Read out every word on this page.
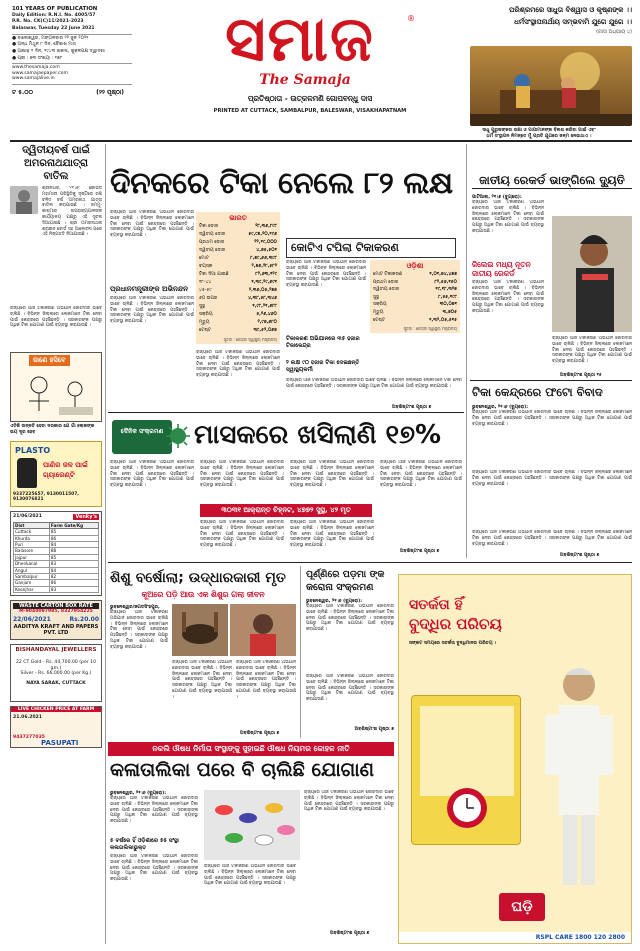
101 YEARS OF PUBLICATION
Daily Edition: R.N.I. No. 4005/57
P.R. No. CK(C)11/2021-2023
Balaswar, Tuesday 22 June 2021
● ବାଲେଶ୍ୱର, ମଙ୍ଗଳବାର ୨୨ ଜୁନ ୨୦୨୧
● ଅନ୍ଧ ମିଥୁନ ୮ ଦିନ, ବୈଶାଖ ମାସ
● ଆଷାଢ଼ ୧ ଦିନ, ୧୯୪୩ ଶକାବ୍ଦ, ଶୁକ୍ଳପକ୍ଷ ଦ୍ୱାଦଶୀ
● ପ୍ରୀ : ୭୩ ସଂଖ୍ୟା : ୧୭୮
www.thesamaja.com
www.samajaepaper.com
www.samajalive.in
ଟ ୫.୦୦	(୨୨ ପୃଷ୍ଠା)
ସମାଜ	®
The Samaja
ପ୍ରତିଷ୍ଠାତା - ଉତ୍କଳମଣି ଗୋପବନ୍ଧୁ ଦାସ
PRINTED AT CUTTACK, SAMBALPUR, BALESWAR, VISAKHAPATNAM
ପରିଶ୍ରମରେ ସାଧୁତା ବିଶ୍ୱାସ ଓ କୃଷ୍ଣଙ୍କ ।।
ଧର୍ମସଂସ୍ଥାପନାର୍ଥାୟ ସମ୍ଭବାମି ଯୁଗେ ଯୁଗେ ।।
(ଗୀତା ଅଧ୍ୟାୟ ୪)
ସାଧୁ ପୁରୁଷଙ୍କର ରକ୍ଷା ଓ ପାପୀମାନଙ୍କ ବିନାଶ କରିବା ପାଇଁ ଏବଂ
ଧର୍ମ ସଂସ୍ଥାପନ ନିମନ୍ତେ ମୁଁ ପ୍ରତି ଯୁଗରେ ଜନ୍ମ ନେଇଥାଏ ।
ଦ୍ୱିତୀୟବର୍ଷ ପାଇଁ ଅମରନାଥଯାତ୍ରା ବାତିଲ
ଶ୍ରୀନଗର, ୨୧।୬: କୋଭିଡ ମହାମାରୀ ପରିସ୍ଥିତିକୁ ଦୃଷ୍ଟିରେ ରଖି ଚଳିତ ବର୍ଷ ଅମରନାଥ ଯାତ୍ରା ବାତିଲ କରାଯାଇଛି । ଜମ୍ମୁ-କାଶ୍ମୀର ଉପରାଜ୍ୟପାଳଙ୍କ କାର୍ଯ୍ୟାଳୟ ପକ୍ଷରୁ ଏହି ସୂଚନା ଦିଆଯାଇଛି । ଶ୍ରୀ ଅମରନାଥଜୀ ଶ୍ରାଇନ ବୋର୍ଡ ସହ ଆଲୋଚନା ପରେ ଏହି ନିଷ୍ପତ୍ତି ନିଆଯାଇଛି ।
ରାଜ୍ୟରେ ଆଜି ଟିକାକରଣ ଅଭିଯାନ ଜୋରଦାର ଭାବେ ଚାଲିଛି । ବିଭିନ୍ନ ଜିଲ୍ଲାରେ ଲୋକମାନେ ଟିକା ନେବା ପାଇଁ କେନ୍ଦ୍ରରେ ପହଞ୍ଚିଛନ୍ତି । ସରକାରଙ୍କ ପକ୍ଷରୁ ଅଧିକ ଟିକା ଯୋଗାଣ ପାଇଁ ବ୍ୟବସ୍ଥା କରାଯାଉଛି ।
ଜାଣେ ହସିବେ
ଏତିକି ଉନ୍ନତି ହେବା ଦରକାର ଯେ ଗାଁ ଲୋକଙ୍କ ଭୟ ଦୂର ହେବ
PLASTO
ପାଣିର ଜଳ ପାଇଁ ଗ୍ୟାରେଣ୍ଟି
9337225657, 9130011507, 9130076821
21/06/2021	Venky's
Dist	Farm Gate/Kg
Cuttack	85
Khurda	86
Puri	84
Balasore	88
Jajpur	85
Dhenkanal	83
Angul	84
Sambalpur	82
Ganjam	86
Keonjhar	83
WASTE CARTON BOX RATE
M-9040097985, 8327954225
22/06/2021	Rs.20.00
AADITYA KRAFT AND PAPERS PVT. LTD
BISHANDAYAL JEWELLERS
22 CT Gold - Rs. 44,700.00 (per 10 gm.)
Silver - Rs. 66,000.00 (per Kg.)
NAYA SARAK, CUTTACK
LIVE CHICKEN PRICE AT FARM
21.06.2021
9437277035
PASUPATI
ଦିନକରେ ଟିକା ନେଲେ ୮୨ ଲକ୍ଷ
ରାଜ୍ୟରେ ଆଜି ଟିକାକରଣ ଅଭିଯାନ ଜୋରଦାର ଭାବେ ଚାଲିଛି । ବିଭିନ୍ନ ଜିଲ୍ଲାରେ ଲୋକମାନେ ଟିକା ନେବା ପାଇଁ କେନ୍ଦ୍ରରେ ପହଞ୍ଚିଛନ୍ତି । ସରକାରଙ୍କ ପକ୍ଷରୁ ଅଧିକ ଟିକା ଯୋଗାଣ ପାଇଁ ବ୍ୟବସ୍ଥା କରାଯାଉଛି ।
ପ୍ରଧାନମନ୍ତ୍ରୀଙ୍କ ଅଭିନନ୍ଦନ
ରାଜ୍ୟରେ ଆଜି ଟିକାକରଣ ଅଭିଯାନ ଜୋରଦାର ଭାବେ ଚାଲିଛି । ବିଭିନ୍ନ ଜିଲ୍ଲାରେ ଲୋକମାନେ ଟିକା ନେବା ପାଇଁ କେନ୍ଦ୍ରରେ ପହଞ୍ଚିଛନ୍ତି । ସରକାରଙ୍କ ପକ୍ଷରୁ ଅଧିକ ଟିକା ଯୋଗାଣ ପାଇଁ ବ୍ୟବସ୍ଥା କରାଯାଉଛି ।
ଭାରତ
ଟିକା ଡୋଜ	୨୮,୩୬,୮୯୮
ଦ୍ୱିତୀୟ ଡୋଜ	୫୯,୯୭,୨୦,୧୯୬
ପ୍ରଥମ ଡୋଜ	୨୨,୧୯,୦୦୦
ଦ୍ୱିତୀୟ ଡୋଜ	୪,୭୫,୫୦୧
ମୋଟ	୮,୭୯,୬୬,୩୯୮
ବୟସ୍କ	୨,୭୬,୨୮,୫୮୨
ଟିକା ଦିଆ ଯାଇଛି	୮୨,୬୩,୧୨୯
୧୮-୪୪	୧,୩୯,୨୯,୬୯୧
୪୫-୫୯	୨,୩୬,୦୫,୨୭୭
୬୦ ଉପର	୪,୩୮,୫୮,୩୪୬
ସୁସ୍ଥ	୧,୯୮,୨୧,୬୮୮
ସକ୍ରିୟ	୫,୨୬,୪୬୦
ମୃତ୍ୟୁ	୨,୯୭,୬୮୦
ଟେଷ୍ଟ	୩୯,୫୨,୦୬୭
ସୂତ୍ର : କେନ୍ଦ୍ର ସ୍ୱାସ୍ଥ୍ୟ ମନ୍ତ୍ରାଳୟ
କୋଟିଏ ଟପିଲା ଟିକାକରଣ
ରାଜ୍ୟରେ ଆଜି ଟିକାକରଣ ଅଭିଯାନ ଜୋରଦାର ଭାବେ ଚାଲିଛି । ବିଭିନ୍ନ ଜିଲ୍ଲାରେ ଲୋକମାନେ ଟିକା ନେବା ପାଇଁ କେନ୍ଦ୍ରରେ ପହଞ୍ଚିଛନ୍ତି । ସରକାରଙ୍କ ପକ୍ଷରୁ ଅଧିକ ଟିକା ଯୋଗାଣ ପାଇଁ ବ୍ୟବସ୍ଥା କରାଯାଉଛି ।
ଟିକାକରଣ ଅଭିଯାନରେ ୩୫ ହଜାର ଟିକାକେନ୍ଦ୍ର
ଓଡ଼ିଶା
ମୋଟ ଟିକାକରଣ	୧,୦୧,୭୪,୪୭୭
ପ୍ରଥମ ଡୋଜ	୮୨,୫୬,୧୫୦
ଦ୍ୱିତୀୟ ଡୋଜ	୧୯,୧୮,୩୨୭
ସୁସ୍ଥ	୮,୫୫,୧୯୮
ସକ୍ରିୟ	୩୦,୦୭୧
ମୃତ୍ୟୁ	୩,୭୦୫
ଟେଷ୍ଟ	୧,୩୨,୦୫,୫୧୫
ସୂତ୍ର : କେନ୍ଦ୍ର ସ୍ୱାସ୍ଥ୍ୟ ମନ୍ତ୍ରାଳୟ
୨ ଲକ୍ଷ ୯୦ ହଜାର ଟିକା ଦେଇଛନ୍ତି ସ୍ୱାସ୍ଥ୍ୟକର୍ମୀ
ରାଜ୍ୟରେ ଆଜି ଟିକାକରଣ ଅଭିଯାନ ଜୋରଦାର ଭାବେ ଚାଲିଛି । ବିଭିନ୍ନ ଜିଲ୍ଲାରେ ଲୋକମାନେ ଟିକା ନେବା ପାଇଁ କେନ୍ଦ୍ରରେ ପହଞ୍ଚିଛନ୍ତି । ସରକାରଙ୍କ ପକ୍ଷରୁ ଅଧିକ ଟିକା ଯୋଗାଣ ପାଇଁ ବ୍ୟବସ୍ଥା କରାଯାଉଛି ।
ରାଜ୍ୟରେ ଆଜି ଟିକାକରଣ ଅଭିଯାନ ଜୋରଦାର ଭାବେ ଚାଲିଛି । ବିଭିନ୍ନ ଜିଲ୍ଲାରେ ଲୋକମାନେ ଟିକା ନେବା ପାଇଁ କେନ୍ଦ୍ରରେ ପହଞ୍ଚିଛନ୍ତି । ସରକାରଙ୍କ ପକ୍ଷରୁ ଅଧିକ ଟିକା ଯୋଗାଣ ପାଇଁ ବ୍ୟବସ୍ଥା କରାଯାଉଛି ।
ଅବଶିଷ୍ଟାଂଶ ପୃଷ୍ଠା ୭
ଜାତୀୟ ରେକର୍ଡ ଭାଙ୍ଗିଲେ ଦ୍ୟୁତି
ପାଟିଆଲା, ୨୧।୬ (ବ୍ୟୁରୋ):
ରାଜ୍ୟରେ ଆଜି ଟିକାକରଣ ଅଭିଯାନ ଜୋରଦାର ଭାବେ ଚାଲିଛି । ବିଭିନ୍ନ ଜିଲ୍ଲାରେ ଲୋକମାନେ ଟିକା ନେବା ପାଇଁ କେନ୍ଦ୍ରରେ ପହଞ୍ଚିଛନ୍ତି । ସରକାରଙ୍କ ପକ୍ଷରୁ ଅଧିକ ଟିକା ଯୋଗାଣ ପାଇଁ ବ୍ୟବସ୍ଥା କରାଯାଉଛି ।
ଜିଲେଇ ମଧ୍ୟ ନୂତନ ଜାତୀୟ ରେକର୍ଡ
ରାଜ୍ୟରେ ଆଜି ଟିକାକରଣ ଅଭିଯାନ ଜୋରଦାର ଭାବେ ଚାଲିଛି । ବିଭିନ୍ନ ଜିଲ୍ଲାରେ ଲୋକମାନେ ଟିକା ନେବା ପାଇଁ କେନ୍ଦ୍ରରେ ପହଞ୍ଚିଛନ୍ତି । ସରକାରଙ୍କ ପକ୍ଷରୁ ଅଧିକ ଟିକା ଯୋଗାଣ ପାଇଁ ବ୍ୟବସ୍ଥା କରାଯାଉଛି ।
ରାଜ୍ୟରେ ଆଜି ଟିକାକରଣ ଅଭିଯାନ ଜୋରଦାର ଭାବେ ଚାଲିଛି । ବିଭିନ୍ନ ଜିଲ୍ଲାରେ ଲୋକମାନେ ଟିକା ନେବା ପାଇଁ କେନ୍ଦ୍ରରେ ପହଞ୍ଚିଛନ୍ତି । ସରକାରଙ୍କ ପକ୍ଷରୁ ଅଧିକ ଟିକା ଯୋଗାଣ ପାଇଁ ବ୍ୟବସ୍ଥା କରାଯାଉଛି ।
ଅବଶିଷ୍ଟାଂଶ ପୃଷ୍ଠା ୧୫
ଟିକା କେନ୍ଦ୍ରରେ ଫଟୋ ବିବାଦ
ଭୁବନେଶ୍ୱର, ୨୧।୬ (ବ୍ୟୁରୋ):
ରାଜ୍ୟରେ ଆଜି ଟିକାକରଣ ଅଭିଯାନ ଜୋରଦାର ଭାବେ ଚାଲିଛି । ବିଭିନ୍ନ ଜିଲ୍ଲାରେ ଲୋକମାନେ ଟିକା ନେବା ପାଇଁ କେନ୍ଦ୍ରରେ ପହଞ୍ଚିଛନ୍ତି । ସରକାରଙ୍କ ପକ୍ଷରୁ ଅଧିକ ଟିକା ଯୋଗାଣ ପାଇଁ ବ୍ୟବସ୍ଥା କରାଯାଉଛି ।
ରାଜ୍ୟରେ ଆଜି ଟିକାକରଣ ଅଭିଯାନ ଜୋରଦାର ଭାବେ ଚାଲିଛି । ବିଭିନ୍ନ ଜିଲ୍ଲାରେ ଲୋକମାନେ ଟିକା ନେବା ପାଇଁ କେନ୍ଦ୍ରରେ ପହଞ୍ଚିଛନ୍ତି । ସରକାରଙ୍କ ପକ୍ଷରୁ ଅଧିକ ଟିକା ଯୋଗାଣ ପାଇଁ ବ୍ୟବସ୍ଥା କରାଯାଉଛି ।
ରାଜ୍ୟରେ ଆଜି ଟିକାକରଣ ଅଭିଯାନ ଜୋରଦାର ଭାବେ ଚାଲିଛି । ବିଭିନ୍ନ ଜିଲ୍ଲାରେ ଲୋକମାନେ ଟିକା ନେବା ପାଇଁ କେନ୍ଦ୍ରରେ ପହଞ୍ଚିଛନ୍ତି । ସରକାରଙ୍କ ପକ୍ଷରୁ ଅଧିକ ଟିକା ଯୋଗାଣ ପାଇଁ ବ୍ୟବସ୍ଥା କରାଯାଉଛି ।
ଅବଶିଷ୍ଟାଂଶ ପୃଷ୍ଠା ୭
ଦୈନିକ ସଂକ୍ରମଣ	ମାସକରେ ଖସିଲାଣି ୧୭%
ରାଜ୍ୟରେ ଆଜି ଟିକାକରଣ ଅଭିଯାନ ଜୋରଦାର ଭାବେ ଚାଲିଛି । ବିଭିନ୍ନ ଜିଲ୍ଲାରେ ଲୋକମାନେ ଟିକା ନେବା ପାଇଁ କେନ୍ଦ୍ରରେ ପହଞ୍ଚିଛନ୍ତି । ସରକାରଙ୍କ ପକ୍ଷରୁ ଅଧିକ ଟିକା ଯୋଗାଣ ପାଇଁ ବ୍ୟବସ୍ଥା କରାଯାଉଛି ।
ରାଜ୍ୟରେ ଆଜି ଟିକାକରଣ ଅଭିଯାନ ଜୋରଦାର ଭାବେ ଚାଲିଛି । ବିଭିନ୍ନ ଜିଲ୍ଲାରେ ଲୋକମାନେ ଟିକା ନେବା ପାଇଁ କେନ୍ଦ୍ରରେ ପହଞ୍ଚିଛନ୍ତି । ସରକାରଙ୍କ ପକ୍ଷରୁ ଅଧିକ ଟିକା ଯୋଗାଣ ପାଇଁ ବ୍ୟବସ୍ଥା କରାଯାଉଛି ।
୩୦୩୧ ଆକ୍ରାନ୍ତ ଚିହ୍ନଟ, ୪୭୭୨ ସୁସ୍ଥ, ୪୨ ମୃତ
ରାଜ୍ୟରେ ଆଜି ଟିକାକରଣ ଅଭିଯାନ ଜୋରଦାର ଭାବେ ଚାଲିଛି । ବିଭିନ୍ନ ଜିଲ୍ଲାରେ ଲୋକମାନେ ଟିକା ନେବା ପାଇଁ କେନ୍ଦ୍ରରେ ପହଞ୍ଚିଛନ୍ତି । ସରକାରଙ୍କ ପକ୍ଷରୁ ଅଧିକ ଟିକା ଯୋଗାଣ ପାଇଁ ବ୍ୟବସ୍ଥା କରାଯାଉଛି ।
ରାଜ୍ୟରେ ଆଜି ଟିକାକରଣ ଅଭିଯାନ ଜୋରଦାର ଭାବେ ଚାଲିଛି । ବିଭିନ୍ନ ଜିଲ୍ଲାରେ ଲୋକମାନେ ଟିକା ନେବା ପାଇଁ କେନ୍ଦ୍ରରେ ପହଞ୍ଚିଛନ୍ତି । ସରକାରଙ୍କ ପକ୍ଷରୁ ଅଧିକ ଟିକା ଯୋଗାଣ ପାଇଁ ବ୍ୟବସ୍ଥା କରାଯାଉଛି ।
ରାଜ୍ୟରେ ଆଜି ଟିକାକରଣ ଅଭିଯାନ ଜୋରଦାର ଭାବେ ଚାଲିଛି । ବିଭିନ୍ନ ଜିଲ୍ଲାରେ ଲୋକମାନେ ଟିକା ନେବା ପାଇଁ କେନ୍ଦ୍ରରେ ପହଞ୍ଚିଛନ୍ତି । ସରକାରଙ୍କ ପକ୍ଷରୁ ଅଧିକ ଟିକା ଯୋଗାଣ ପାଇଁ ବ୍ୟବସ୍ଥା କରାଯାଉଛି ।
ରାଜ୍ୟରେ ଆଜି ଟିକାକରଣ ଅଭିଯାନ ଜୋରଦାର ଭାବେ ଚାଲିଛି । ବିଭିନ୍ନ ଜିଲ୍ଲାରେ ଲୋକମାନେ ଟିକା ନେବା ପାଇଁ କେନ୍ଦ୍ରରେ ପହଞ୍ଚିଛନ୍ତି । ସରକାରଙ୍କ ପକ୍ଷରୁ ଅଧିକ ଟିକା ଯୋଗାଣ ପାଇଁ ବ୍ୟବସ୍ଥା କରାଯାଉଛି ।
ଅବଶିଷ୍ଟାଂଶ ପୃଷ୍ଠା ୭
ଶିଶୁ ବର୍ଷୋଲା; ଉଦ୍ଧାରକାରୀ ମୃତ
କୂଅରେ ପଡ଼ି ଆଉ ଏକ ଶିଶୁର ଗଲା ଜୀବନ
ଭୁବନେଶ୍ୱର/ଜଗତସିଂହପୁର,
ରାଜ୍ୟରେ ଆଜି ଟିକାକରଣ ଅଭିଯାନ ଜୋରଦାର ଭାବେ ଚାଲିଛି । ବିଭିନ୍ନ ଜିଲ୍ଲାରେ ଲୋକମାନେ ଟିକା ନେବା ପାଇଁ କେନ୍ଦ୍ରରେ ପହଞ୍ଚିଛନ୍ତି । ସରକାରଙ୍କ ପକ୍ଷରୁ ଅଧିକ ଟିକା ଯୋଗାଣ ପାଇଁ ବ୍ୟବସ୍ଥା କରାଯାଉଛି ।
ରାଜ୍ୟରେ ଆଜି ଟିକାକରଣ ଅଭିଯାନ ଜୋରଦାର ଭାବେ ଚାଲିଛି । ବିଭିନ୍ନ ଜିଲ୍ଲାରେ ଲୋକମାନେ ଟିକା ନେବା ପାଇଁ କେନ୍ଦ୍ରରେ ପହଞ୍ଚିଛନ୍ତି । ସରକାରଙ୍କ ପକ୍ଷରୁ ଅଧିକ ଟିକା ଯୋଗାଣ ପାଇଁ ବ୍ୟବସ୍ଥା କରାଯାଉଛି ।
ରାଜ୍ୟରେ ଆଜି ଟିକାକରଣ ଅଭିଯାନ ଜୋରଦାର ଭାବେ ଚାଲିଛି । ବିଭିନ୍ନ ଜିଲ୍ଲାରେ ଲୋକମାନେ ଟିକା ନେବା ପାଇଁ କେନ୍ଦ୍ରରେ ପହଞ୍ଚିଛନ୍ତି । ସରକାରଙ୍କ ପକ୍ଷରୁ ଅଧିକ ଟିକା ଯୋଗାଣ ପାଇଁ ବ୍ୟବସ୍ଥା କରାଯାଉଛି ।
ଅବଶିଷ୍ଟାଂଶ ପୃଷ୍ଠା ୭
ପୂର୍ଣ୍ଣିରେ ପଡ଼ମା ଙ୍କ କରୋନା ସଂକ୍ରମଣ
ଭୁବନେଶ୍ୱର, ୨୧।୬ (ବ୍ୟୁରୋ):
ରାଜ୍ୟରେ ଆଜି ଟିକାକରଣ ଅଭିଯାନ ଜୋରଦାର ଭାବେ ଚାଲିଛି । ବିଭିନ୍ନ ଜିଲ୍ଲାରେ ଲୋକମାନେ ଟିକା ନେବା ପାଇଁ କେନ୍ଦ୍ରରେ ପହଞ୍ଚିଛନ୍ତି । ସରକାରଙ୍କ ପକ୍ଷରୁ ଅଧିକ ଟିକା ଯୋଗାଣ ପାଇଁ ବ୍ୟବସ୍ଥା କରାଯାଉଛି ।
ରାଜ୍ୟରେ ଆଜି ଟିକାକରଣ ଅଭିଯାନ ଜୋରଦାର ଭାବେ ଚାଲିଛି । ବିଭିନ୍ନ ଜିଲ୍ଲାରେ ଲୋକମାନେ ଟିକା ନେବା ପାଇଁ କେନ୍ଦ୍ରରେ ପହଞ୍ଚିଛନ୍ତି । ସରକାରଙ୍କ ପକ୍ଷରୁ ଅଧିକ ଟିକା ଯୋଗାଣ ପାଇଁ ବ୍ୟବସ୍ଥା କରାଯାଉଛି ।
ଅବଶିଷ୍ଟାଂଶ ପୃଷ୍ଠା ୭
ସତର୍କତା ହିଁ
ବୁଦ୍ଧିର ପରିଚୟ
ସଙ୍କଟ ସମୟରେ ସତର୍କତା ବୁଦ୍ଧିମାନର ପରିଚୟ ।
ଘଡ଼ି
RSPL CARE 1800 120 2800
ନକଲି ଔଷଧ ନିର୍ମାତା ସଂସ୍ଥାଙ୍କୁ ସୁହାଇଛି ଔଷଧ ନିୟମର କୋହଳ ନୀତି
କଳାତାଲିକା ପରେ ବି ଚାଲିଛି ଯୋଗାଣ
ଭୁବନେଶ୍ୱର, ୨୧।୬ (ବ୍ୟୁରୋ):
ରାଜ୍ୟରେ ଆଜି ଟିକାକରଣ ଅଭିଯାନ ଜୋରଦାର ଭାବେ ଚାଲିଛି । ବିଭିନ୍ନ ଜିଲ୍ଲାରେ ଲୋକମାନେ ଟିକା ନେବା ପାଇଁ କେନ୍ଦ୍ରରେ ପହଞ୍ଚିଛନ୍ତି । ସରକାରଙ୍କ ପକ୍ଷରୁ ଅଧିକ ଟିକା ଯୋଗାଣ ପାଇଁ ବ୍ୟବସ୍ଥା କରାଯାଉଛି ।
୫ ବର୍ଷରେ ହିଁ ଓଡ଼ିଶାରେ ୫୫ ସଂସ୍ଥା କଳାତାଲିକାଭୁକ୍ତ
ରାଜ୍ୟରେ ଆଜି ଟିକାକରଣ ଅଭିଯାନ ଜୋରଦାର ଭାବେ ଚାଲିଛି । ବିଭିନ୍ନ ଜିଲ୍ଲାରେ ଲୋକମାନେ ଟିକା ନେବା ପାଇଁ କେନ୍ଦ୍ରରେ ପହଞ୍ଚିଛନ୍ତି । ସରକାରଙ୍କ ପକ୍ଷରୁ ଅଧିକ ଟିକା ଯୋଗାଣ ପାଇଁ ବ୍ୟବସ୍ଥା କରାଯାଉଛି ।
ରାଜ୍ୟରେ ଆଜି ଟିକାକରଣ ଅଭିଯାନ ଜୋରଦାର ଭାବେ ଚାଲିଛି । ବିଭିନ୍ନ ଜିଲ୍ଲାରେ ଲୋକମାନେ ଟିକା ନେବା ପାଇଁ କେନ୍ଦ୍ରରେ ପହଞ୍ଚିଛନ୍ତି । ସରକାରଙ୍କ ପକ୍ଷରୁ ଅଧିକ ଟିକା ଯୋଗାଣ ପାଇଁ ବ୍ୟବସ୍ଥା କରାଯାଉଛି ।
ରାଜ୍ୟରେ ଆଜି ଟିକାକରଣ ଅଭିଯାନ ଜୋରଦାର ଭାବେ ଚାଲିଛି । ବିଭିନ୍ନ ଜିଲ୍ଲାରେ ଲୋକମାନେ ଟିକା ନେବା ପାଇଁ କେନ୍ଦ୍ରରେ ପହଞ୍ଚିଛନ୍ତି । ସରକାରଙ୍କ ପକ୍ଷରୁ ଅଧିକ ଟିକା ଯୋଗାଣ ପାଇଁ ବ୍ୟବସ୍ଥା କରାଯାଉଛି ।
ଅବଶିଷ୍ଟାଂଶ ପୃଷ୍ଠା ୭
